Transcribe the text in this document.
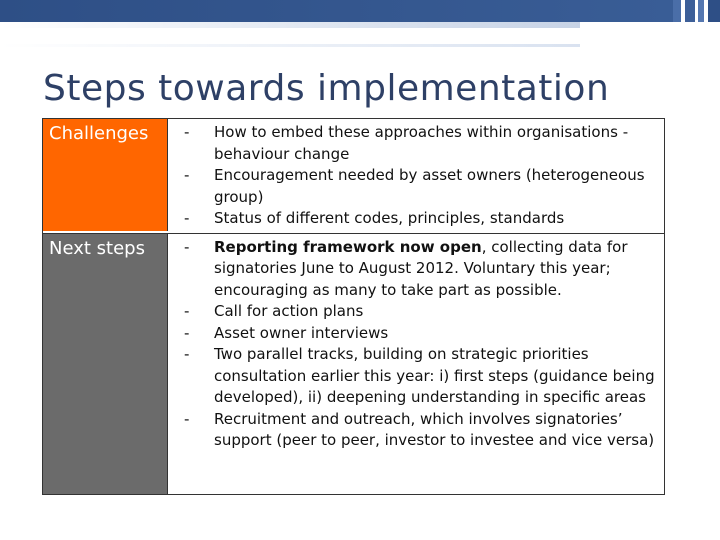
Steps towards implementation
Challenges	- How to embed these approaches within organisations - behaviour change
- Encouragement needed by asset owners (heterogeneous group)
- Status of different codes, principles, standards
Next steps	- Reporting framework now open, collecting data for signatories June to August 2012. Voluntary this year; encouraging as many to take part as possible.
- Call for action plans
- Asset owner interviews
- Two parallel tracks, building on strategic priorities consultation earlier this year: i) first steps (guidance being developed), ii) deepening understanding in specific areas
- Recruitment and outreach, which involves signatories’ support (peer to peer, investor to investee and vice versa)
